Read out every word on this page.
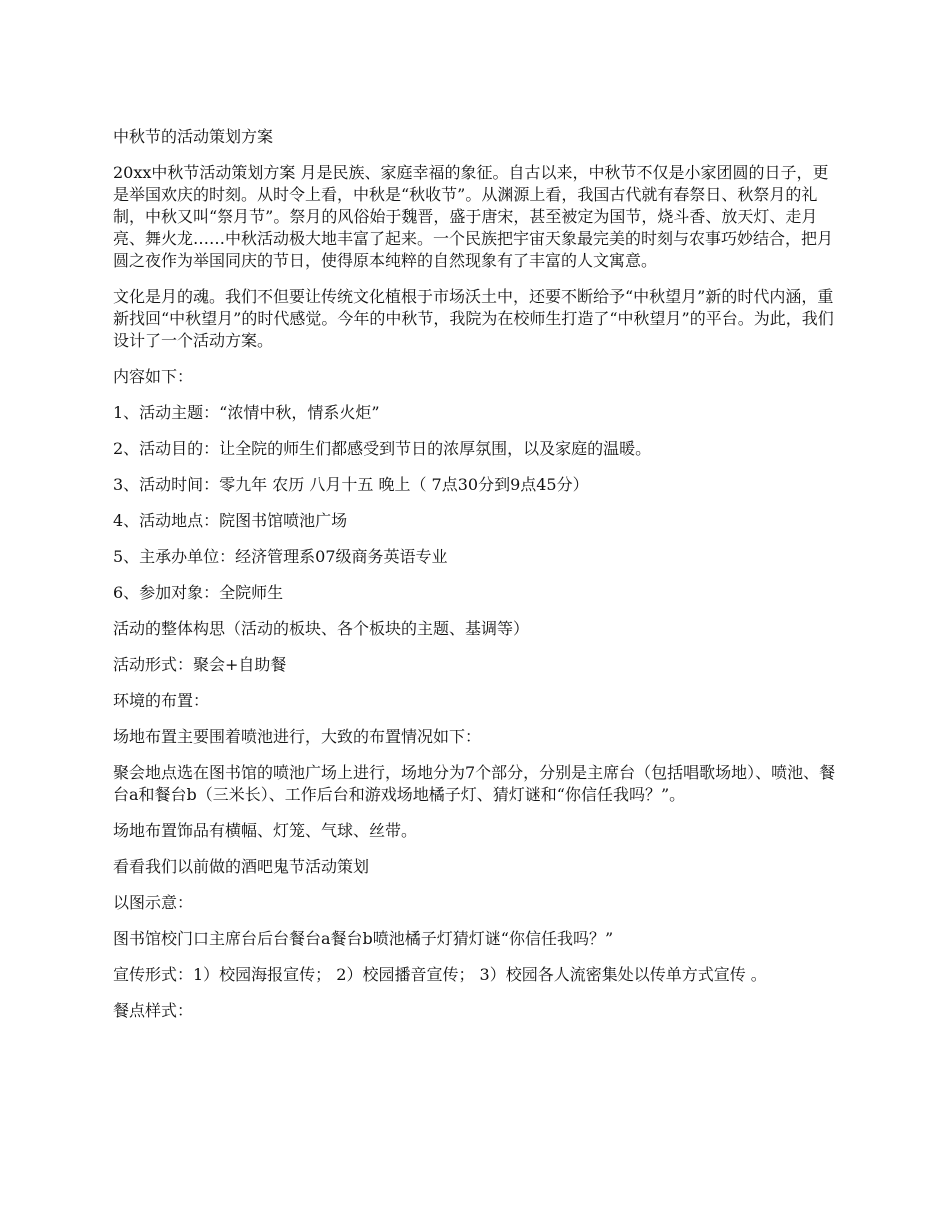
中秋节的活动策划方案

20xx中秋节活动策划方案 月是民族、家庭幸福的象征。自古以来，中秋节不仅是小家团圆的日子，更是举国欢庆的时刻。从时令上看，中秋是“秋收节”。从渊源上看，我国古代就有春祭日、秋祭月的礼制，中秋又叫“祭月节”。祭月的风俗始于魏晋，盛于唐宋，甚至被定为国节，烧斗香、放天灯、走月亮、舞火龙……中秋活动极大地丰富了起来。一个民族把宇宙天象最完美的时刻与农事巧妙结合，把月圆之夜作为举国同庆的节日，使得原本纯粹的自然现象有了丰富的人文寓意。

文化是月的魂。我们不但要让传统文化植根于市场沃土中，还要不断给予“中秋望月”新的时代内涵，重新找回“中秋望月”的时代感觉。今年的中秋节，我院为在校师生打造了“中秋望月”的平台。为此，我们设计了一个活动方案。

内容如下：

1、活动主题：“浓情中秋，情系火炬”

2、活动目的：让全院的师生们都感受到节日的浓厚氛围，以及家庭的温暖。

3、活动时间：零九年 农历 八月十五 晚上（ 7点30分到9点45分）

4、活动地点：院图书馆喷池广场

5、主承办单位：经济管理系07级商务英语专业

6、参加对象：全院师生

活动的整体构思（活动的板块、各个板块的主题、基调等）

活动形式：聚会+自助餐

环境的布置：

场地布置主要围着喷池进行，大致的布置情况如下：

聚会地点选在图书馆的喷池广场上进行，场地分为7个部分，分别是主席台（包括唱歌场地）、喷池、餐台a和餐台b（三米长）、工作后台和游戏场地橘子灯、猜灯谜和“你信任我吗？”。

场地布置饰品有横幅、灯笼、气球、丝带。

看看我们以前做的酒吧鬼节活动策划

以图示意：

图书馆校门口主席台后台餐台a餐台b喷池橘子灯猜灯谜“你信任我吗？”

宣传形式：1）校园海报宣传； 2）校园播音宣传； 3）校园各人流密集处以传单方式宣传 。

餐点样式：
